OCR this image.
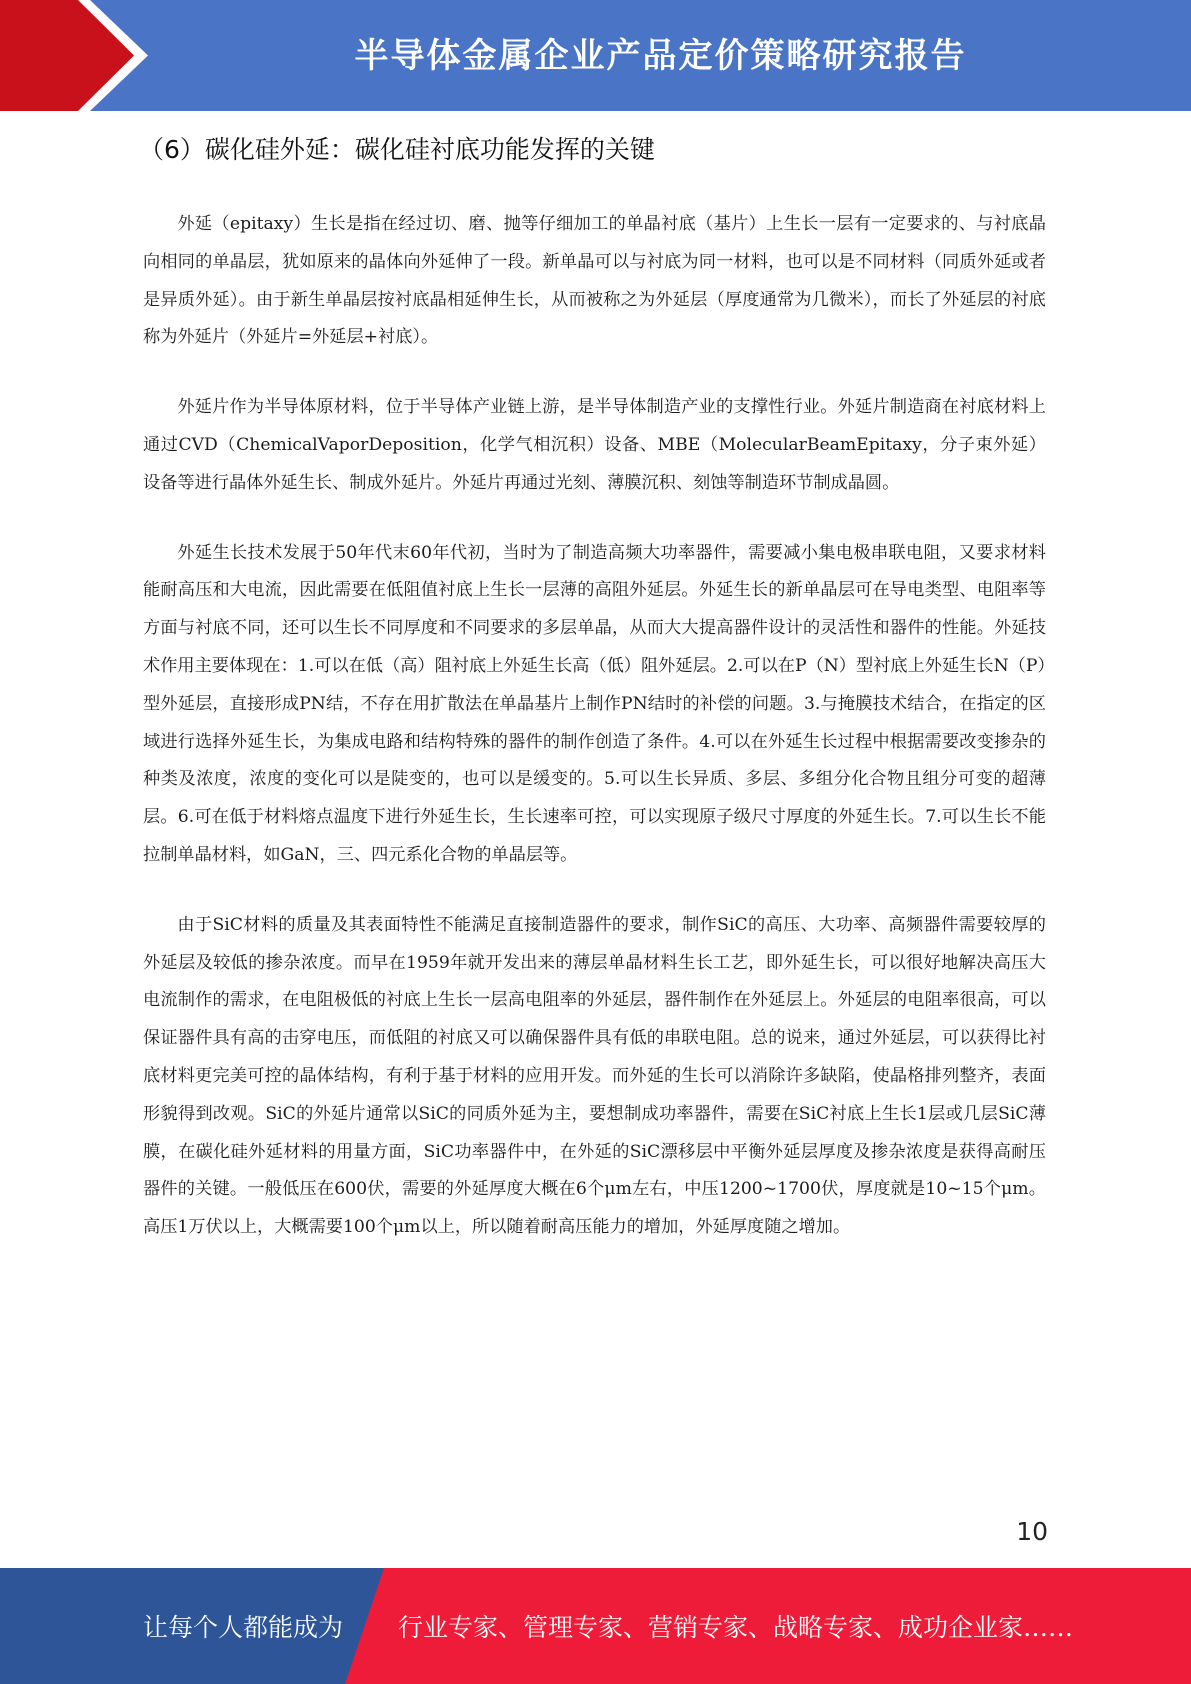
半导体金属企业产品定价策略研究报告
（6）碳化硅外延：碳化硅衬底功能发挥的关键

外延（epitaxy）生长是指在经过切、磨、抛等仔细加工的单晶衬底（基片）上生长一层有一定要求的、与衬底晶向相同的单晶层，犹如原来的晶体向外延伸了一段。新单晶可以与衬底为同一材料，也可以是不同材料（同质外延或者是异质外延）。由于新生单晶层按衬底晶相延伸生长，从而被称之为外延层（厚度通常为几微米），而长了外延层的衬底称为外延片（外延片=外延层+衬底）。

外延片作为半导体原材料，位于半导体产业链上游，是半导体制造产业的支撑性行业。外延片制造商在衬底材料上通过CVD（ChemicalVaporDeposition，化学气相沉积）设备、MBE（MolecularBeamEpitaxy，分子束外延）设备等进行晶体外延生长、制成外延片。外延片再通过光刻、薄膜沉积、刻蚀等制造环节制成晶圆。

外延生长技术发展于50年代末60年代初，当时为了制造高频大功率器件，需要减小集电极串联电阻，又要求材料能耐高压和大电流，因此需要在低阻值衬底上生长一层薄的高阻外延层。外延生长的新单晶层可在导电类型、电阻率等方面与衬底不同，还可以生长不同厚度和不同要求的多层单晶，从而大大提高器件设计的灵活性和器件的性能。外延技术作用主要体现在：1.可以在低（高）阻衬底上外延生长高（低）阻外延层。2.可以在P（N）型衬底上外延生长N（P）型外延层，直接形成PN结，不存在用扩散法在单晶基片上制作PN结时的补偿的问题。3.与掩膜技术结合，在指定的区域进行选择外延生长，为集成电路和结构特殊的器件的制作创造了条件。4.可以在外延生长过程中根据需要改变掺杂的种类及浓度，浓度的变化可以是陡变的，也可以是缓变的。5.可以生长异质、多层、多组分化合物且组分可变的超薄层。6.可在低于材料熔点温度下进行外延生长，生长速率可控，可以实现原子级尺寸厚度的外延生长。7.可以生长不能拉制单晶材料，如GaN，三、四元系化合物的单晶层等。

由于SiC材料的质量及其表面特性不能满足直接制造器件的要求，制作SiC的高压、大功率、高频器件需要较厚的外延层及较低的掺杂浓度。而早在1959年就开发出来的薄层单晶材料生长工艺，即外延生长，可以很好地解决高压大电流制作的需求，在电阻极低的衬底上生长一层高电阻率的外延层，器件制作在外延层上。外延层的电阻率很高，可以保证器件具有高的击穿电压，而低阻的衬底又可以确保器件具有低的串联电阻。总的说来，通过外延层，可以获得比衬底材料更完美可控的晶体结构，有利于基于材料的应用开发。而外延的生长可以消除许多缺陷，使晶格排列整齐，表面形貌得到改观。SiC的外延片通常以SiC的同质外延为主，要想制成功率器件，需要在SiC衬底上生长1层或几层SiC薄膜，在碳化硅外延材料的用量方面，SiC功率器件中，在外延的SiC漂移层中平衡外延层厚度及掺杂浓度是获得高耐压器件的关键。一般低压在600伏，需要的外延厚度大概在6个μm左右，中压1200~1700伏，厚度就是10~15个μm。高压1万伏以上，大概需要100个μm以上，所以随着耐高压能力的增加，外延厚度随之增加。

10
让每个人都能成为 行业专家、管理专家、营销专家、战略专家、成功企业家……
